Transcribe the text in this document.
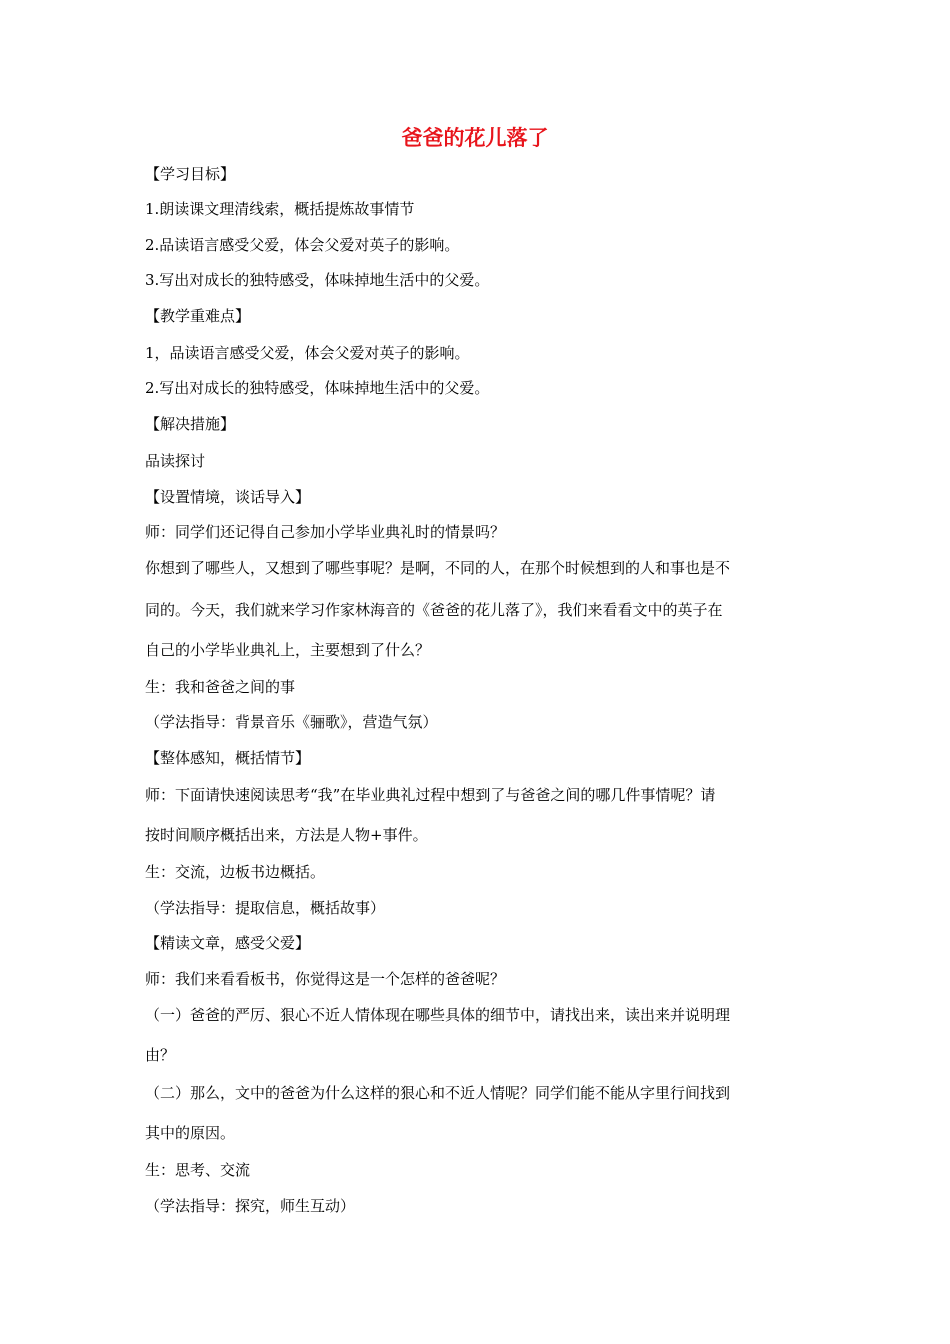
爸爸的花儿落了
【学习目标】
1.朗读课文理清线索，概括提炼故事情节
2.品读语言感受父爱，体会父爱对英子的影响。
3.写出对成长的独特感受，体味掉地生活中的父爱。
【教学重难点】
1，品读语言感受父爱，体会父爱对英子的影响。
2.写出对成长的独特感受，体味掉地生活中的父爱。
【解决措施】
品读探讨
【设置情境，谈话导入】
师：同学们还记得自己参加小学毕业典礼时的情景吗？
你想到了哪些人，又想到了哪些事呢？是啊，不同的人，在那个时候想到的人和事也是不
同的。今天，我们就来学习作家林海音的《爸爸的花儿落了》，我们来看看文中的英子在
自己的小学毕业典礼上，主要想到了什么？
生：我和爸爸之间的事
（学法指导：背景音乐《骊歌》，营造气氛）
【整体感知，概括情节】
师：下面请快速阅读思考“我”在毕业典礼过程中想到了与爸爸之间的哪几件事情呢？请
按时间顺序概括出来，方法是人物+事件。
生：交流，边板书边概括。
（学法指导：提取信息，概括故事）
【精读文章，感受父爱】
师：我们来看看板书，你觉得这是一个怎样的爸爸呢？
（一）爸爸的严厉、狠心不近人情体现在哪些具体的细节中，请找出来，读出来并说明理
由？
（二）那么，文中的爸爸为什么这样的狠心和不近人情呢？同学们能不能从字里行间找到
其中的原因。
生：思考、交流
（学法指导：探究，师生互动）
